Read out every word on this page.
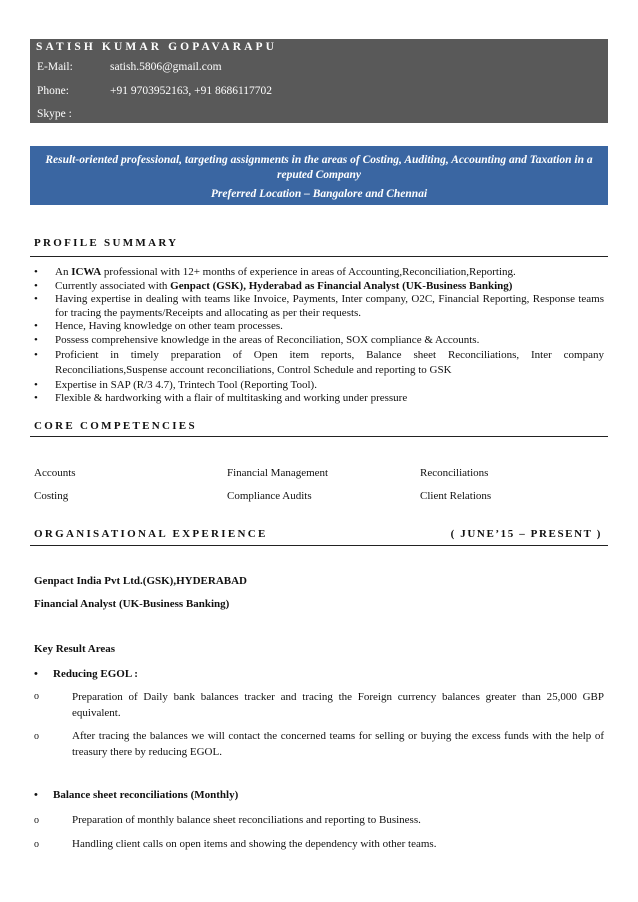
SATISH KUMAR GOPAVARAPU
E-Mail:	satish.5806@gmail.com
Phone:	+91 9703952163, +91 8686117702
Skype :
Result-oriented professional, targeting assignments in the areas of Costing, Auditing, Accounting and Taxation in a reputed Company
Preferred Location – Bangalore and Chennai
PROFILE SUMMARY
• An ICWA professional with 12+ months of experience in areas of Accounting,Reconciliation,Reporting.
• Currently associated with Genpact (GSK), Hyderabad as Financial Analyst (UK-Business Banking)
• Having expertise in dealing with teams like Invoice, Payments, Inter company, O2C, Financial Reporting, Response teams for tracing the payments/Receipts and allocating as per their requests.
• Hence, Having knowledge on other team processes.
• Possess comprehensive knowledge in the areas of Reconciliation, SOX compliance & Accounts.
• Proficient in timely preparation of Open item reports, Balance sheet Reconciliations, Inter company Reconciliations,Suspense account reconciliations, Control Schedule and reporting to GSK
• Expertise in SAP (R/3 4.7), Trintech Tool (Reporting Tool).
• Flexible & hardworking with a flair of multitasking and working under pressure
CORE COMPETENCIES
Accounts	Financial Management	Reconciliations
Costing	Compliance Audits	Client Relations
ORGANISATIONAL EXPERIENCE	( JUNE’15 – PRESENT )
Genpact India Pvt Ltd.(GSK),HYDERABAD
Financial Analyst (UK-Business Banking)
Key Result Areas
• Reducing EGOL :
o	Preparation of Daily bank balances tracker and tracing the Foreign currency balances greater than 25,000 GBP equivalent.
o	After tracing the balances we will contact the concerned teams for selling or buying the excess funds with the help of treasury there by reducing EGOL.
• Balance sheet reconciliations (Monthly)
o	Preparation of monthly balance sheet reconciliations and reporting to Business.
o	Handling client calls on open items and showing the dependency with other teams.
